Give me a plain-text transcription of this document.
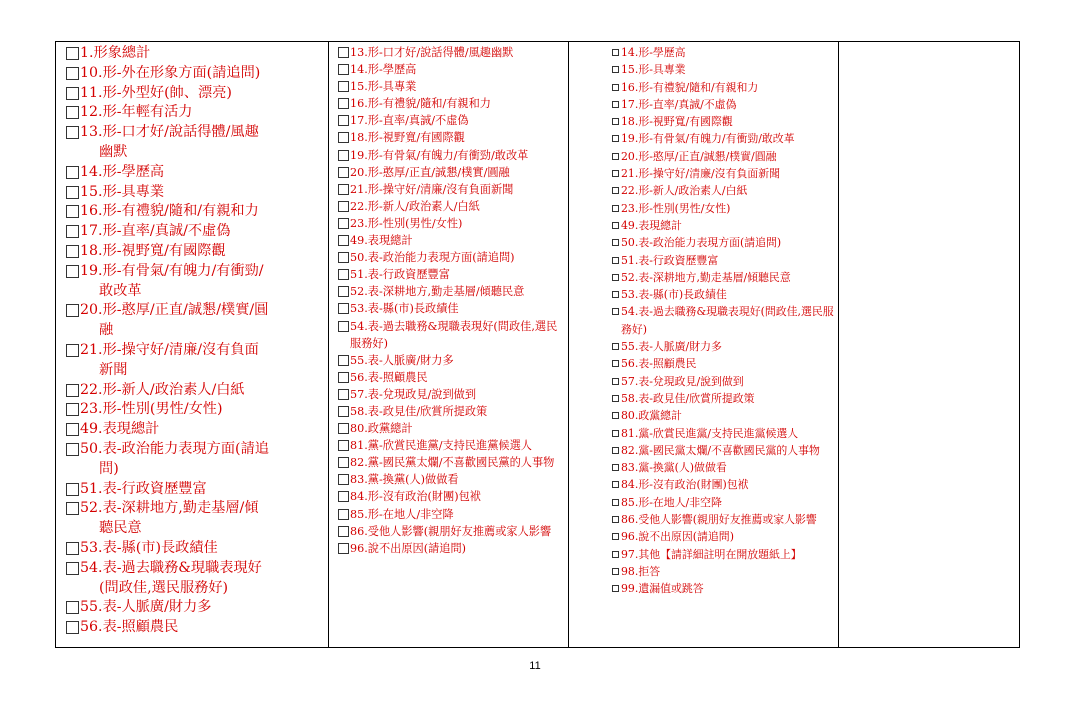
1.形象總計
10.形-外在形象方面(請追問)
11.形-外型好(帥、漂亮)
12.形-年輕有活力
13.形-口才好/說話得體/風趣
幽默
14.形-學歷高
15.形-具專業
16.形-有禮貌/隨和/有親和力
17.形-直率/真誠/不虛偽
18.形-視野寬/有國際觀
19.形-有骨氣/有魄力/有衝勁/
敢改革
20.形-憨厚/正直/誠懇/樸實/圓
融
21.形-操守好/清廉/沒有負面
新聞
22.形-新人/政治素人/白紙
23.形-性別(男性/女性)
49.表現總計
50.表-政治能力表現方面(請追
問)
51.表-行政資歷豐富
52.表-深耕地方,勤走基層/傾
聽民意
53.表-縣(市)長政績佳
54.表-過去職務&現職表現好
(問政佳,選民服務好)
55.表-人脈廣/財力多
56.表-照顧農民
13.形-口才好/說話得體/風趣幽默
14.形-學歷高
15.形-具專業
16.形-有禮貌/隨和/有親和力
17.形-直率/真誠/不虛偽
18.形-視野寬/有國際觀
19.形-有骨氣/有魄力/有衝勁/敢改革
20.形-憨厚/正直/誠懇/樸實/圓融
21.形-操守好/清廉/沒有負面新聞
22.形-新人/政治素人/白紙
23.形-性別(男性/女性)
49.表現總計
50.表-政治能力表現方面(請追問)
51.表-行政資歷豐富
52.表-深耕地方,勤走基層/傾聽民意
53.表-縣(市)長政績佳
54.表-過去職務&現職表現好(問政佳,選民服務好)
55.表-人脈廣/財力多
56.表-照顧農民
57.表-兌現政見/說到做到
58.表-政見佳/欣賞所提政策
80.政黨總計
81.黨-欣賞民進黨/支持民進黨候選人
82.黨-國民黨太爛/不喜歡國民黨的人事物
83.黨-換黨(人)做做看
84.形-沒有政治(財團)包袱
85.形-在地人/非空降
86.受他人影響(親朋好友推薦或家人影響
96.說不出原因(請追問)
14.形-學歷高
15.形-具專業
16.形-有禮貌/隨和/有親和力
17.形-直率/真誠/不虛偽
18.形-視野寬/有國際觀
19.形-有骨氣/有魄力/有衝勁/敢改革
20.形-憨厚/正直/誠懇/樸實/圓融
21.形-操守好/清廉/沒有負面新聞
22.形-新人/政治素人/白紙
23.形-性別(男性/女性)
49.表現總計
50.表-政治能力表現方面(請追問)
51.表-行政資歷豐富
52.表-深耕地方,勤走基層/傾聽民意
53.表-縣(市)長政績佳
54.表-過去職務&現職表現好(問政佳,選民服務好)
55.表-人脈廣/財力多
56.表-照顧農民
57.表-兌現政見/說到做到
58.表-政見佳/欣賞所提政策
80.政黨總計
81.黨-欣賞民進黨/支持民進黨候選人
82.黨-國民黨太爛/不喜歡國民黨的人事物
83.黨-換黨(人)做做看
84.形-沒有政治(財團)包袱
85.形-在地人/非空降
86.受他人影響(親朋好友推薦或家人影響
96.說不出原因(請追問)
97.其他【請詳細註明在開放題紙上】
98.拒答
99.遺漏值或跳答
11
